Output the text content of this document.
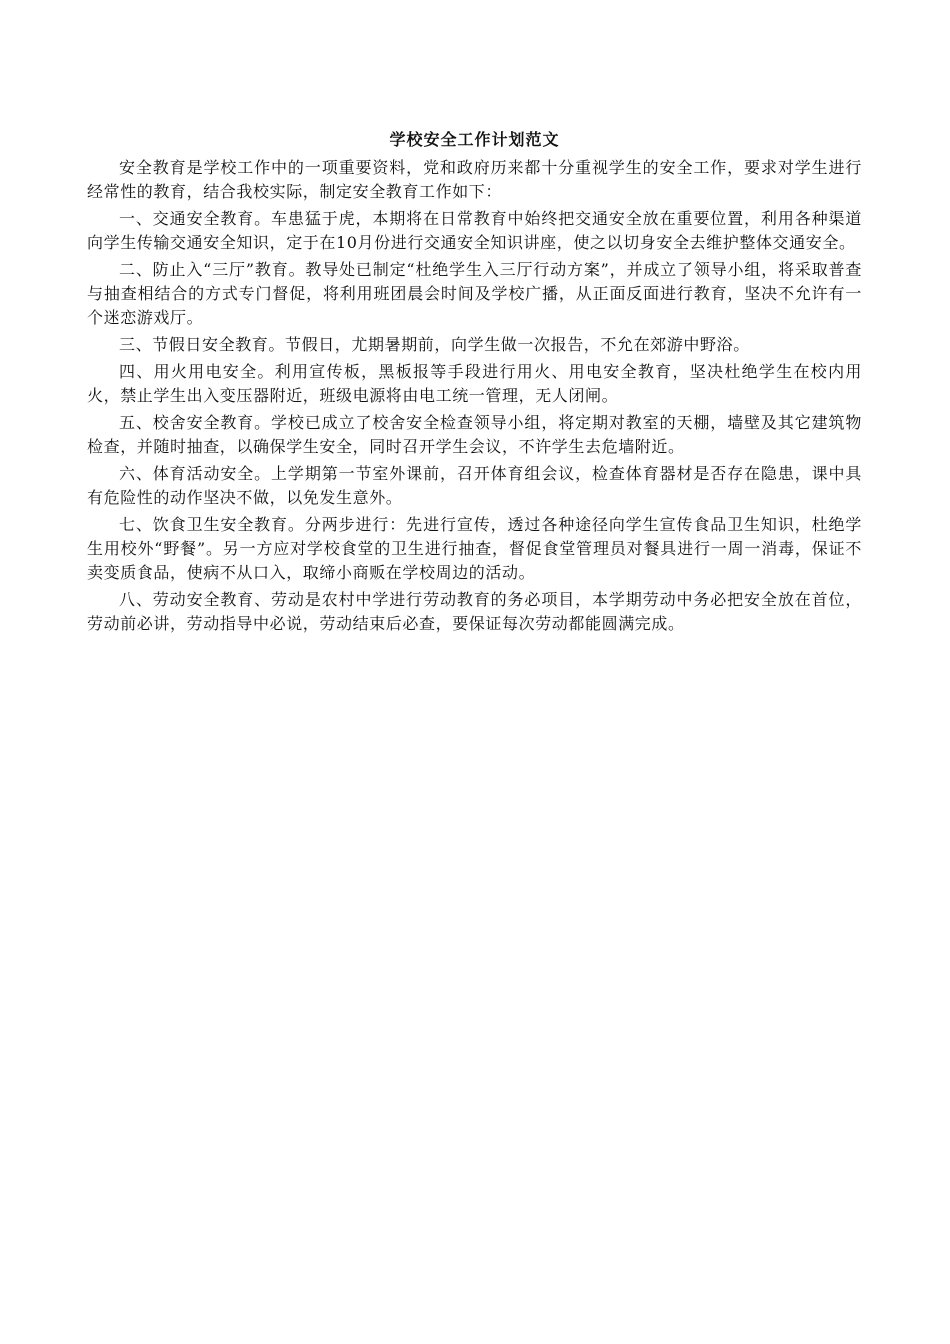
学校安全工作计划范文

安全教育是学校工作中的一项重要资料，党和政府历来都十分重视学生的安全工作，要求对学生进行经常性的教育，结合我校实际，制定安全教育工作如下：

一、交通安全教育。车患猛于虎，本期将在日常教育中始终把交通安全放在重要位置，利用各种渠道向学生传输交通安全知识，定于在10月份进行交通安全知识讲座，使之以切身安全去维护整体交通安全。

二、防止入“三厅”教育。教导处已制定“杜绝学生入三厅行动方案”，并成立了领导小组，将采取普查与抽查相结合的方式专门督促，将利用班团晨会时间及学校广播，从正面反面进行教育，坚决不允许有一个迷恋游戏厅。

三、节假日安全教育。节假日，尤期暑期前，向学生做一次报告，不允在郊游中野浴。

四、用火用电安全。利用宣传板，黑板报等手段进行用火、用电安全教育，坚决杜绝学生在校内用火，禁止学生出入变压器附近，班级电源将由电工统一管理，无人闭闸。

五、校舍安全教育。学校已成立了校舍安全检查领导小组，将定期对教室的天棚，墙壁及其它建筑物检查，并随时抽查，以确保学生安全，同时召开学生会议，不许学生去危墙附近。

六、体育活动安全。上学期第一节室外课前，召开体育组会议，检查体育器材是否存在隐患，课中具有危险性的动作坚决不做，以免发生意外。

七、饮食卫生安全教育。分两步进行：先进行宣传，透过各种途径向学生宣传食品卫生知识，杜绝学生用校外“野餐”。另一方应对学校食堂的卫生进行抽查，督促食堂管理员对餐具进行一周一消毒，保证不卖变质食品，使病不从口入，取缔小商贩在学校周边的活动。

八、劳动安全教育、劳动是农村中学进行劳动教育的务必项目，本学期劳动中务必把安全放在首位，劳动前必讲，劳动指导中必说，劳动结束后必查，要保证每次劳动都能圆满完成。
